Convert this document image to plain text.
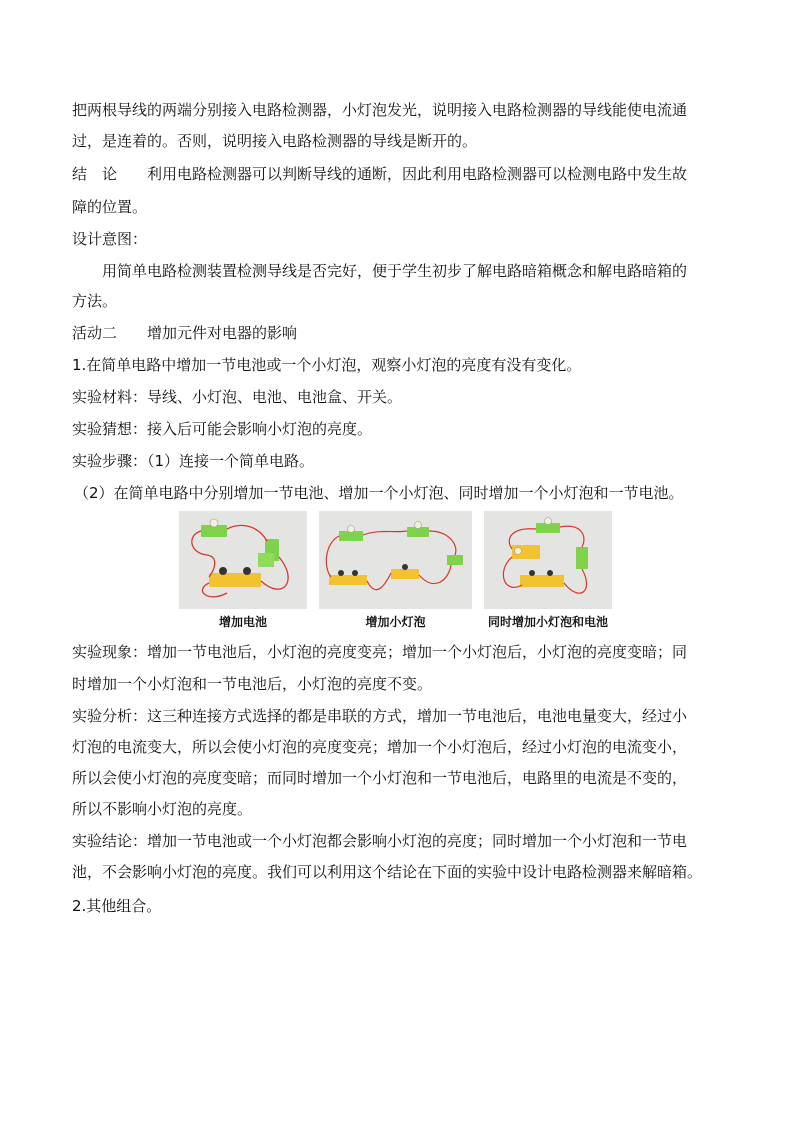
把两根导线的两端分别接入电路检测器，小灯泡发光，说明接入电路检测器的导线能使电流通
过，是连着的。否则，说明接入电路检测器的导线是断开的。
结　论　　利用电路检测器可以判断导线的通断，因此利用电路检测器可以检测电路中发生故
障的位置。
设计意图：
　　用简单电路检测装置检测导线是否完好，便于学生初步了解电路暗箱概念和解电路暗箱的
方法。
活动二　　增加元件对电器的影响
1.在简单电路中增加一节电池或一个小灯泡，观察小灯泡的亮度有没有变化。
实验材料：导线、小灯泡、电池、电池盒、开关。
实验猜想：接入后可能会影响小灯泡的亮度。
实验步骤：（1）连接一个简单电路。
（2）在简单电路中分别增加一节电池、增加一个小灯泡、同时增加一个小灯泡和一节电池。
增加电池	增加小灯泡	同时增加小灯泡和电池
实验现象：增加一节电池后，小灯泡的亮度变亮；增加一个小灯泡后，小灯泡的亮度变暗；同
时增加一个小灯泡和一节电池后，小灯泡的亮度不变。
实验分析：这三种连接方式选择的都是串联的方式，增加一节电池后，电池电量变大，经过小
灯泡的电流变大，所以会使小灯泡的亮度变亮；增加一个小灯泡后，经过小灯泡的电流变小，
所以会使小灯泡的亮度变暗；而同时增加一个小灯泡和一节电池后，电路里的电流是不变的，
所以不影响小灯泡的亮度。
实验结论：增加一节电池或一个小灯泡都会影响小灯泡的亮度；同时增加一个小灯泡和一节电
池，不会影响小灯泡的亮度。我们可以利用这个结论在下面的实验中设计电路检测器来解暗箱。
2.其他组合。
